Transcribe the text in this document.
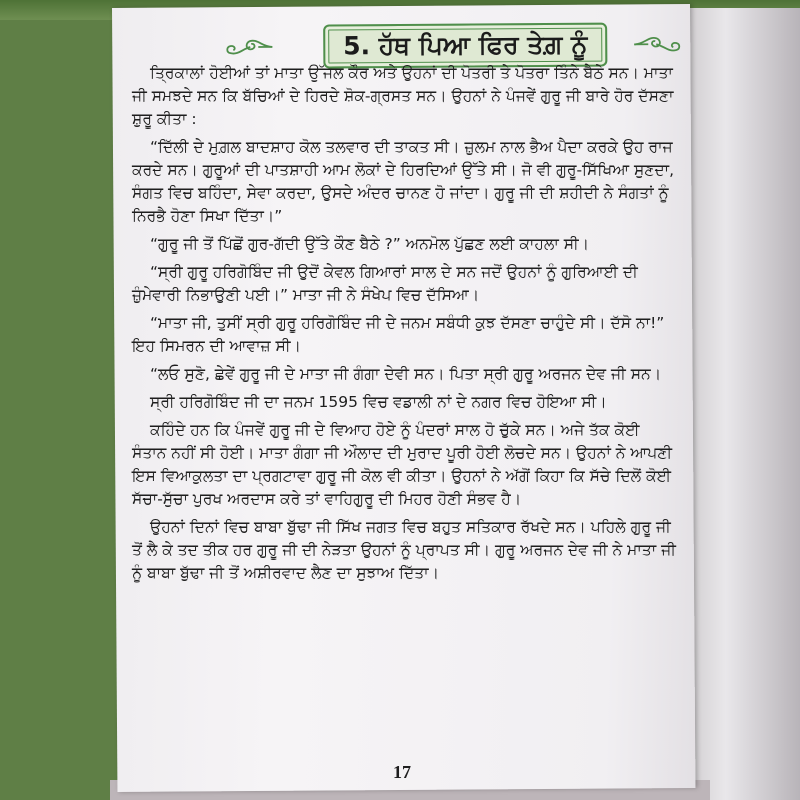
5. ਹੱਥ ਪਿਆ ਫਿਰ ਤੇਗ਼ ਨੂੰ

ਤ੍ਰਿਕਾਲਾਂ ਹੋਈਆਂ ਤਾਂ ਮਾਤਾ ਉੱਜਲ ਕੌਰ ਅਤੇ ਉਹਨਾਂ ਦੀ ਪੋਤਰੀ ਤੇ ਪੋਤਰਾ ਤਿੰਨੇ ਬੈਠੇ ਸਨ। ਮਾਤਾ ਜੀ ਸਮਝਦੇ ਸਨ ਕਿ ਬੱਚਿਆਂ ਦੇ ਹਿਰਦੇ ਸ਼ੋਕ-ਗ੍ਰਸਤ ਸਨ। ਉਹਨਾਂ ਨੇ ਪੰਜਵੇਂ ਗੁਰੂ ਜੀ ਬਾਰੇ ਹੋਰ ਦੱਸਣਾ ਸ਼ੁਰੂ ਕੀਤਾ :

“ਦਿੱਲੀ ਦੇ ਮੁਗ਼ਲ ਬਾਦਸ਼ਾਹ ਕੋਲ ਤਲਵਾਰ ਦੀ ਤਾਕਤ ਸੀ। ਜ਼ੁਲਮ ਨਾਲ ਭੈਅ ਪੈਦਾ ਕਰਕੇ ਉਹ ਰਾਜ ਕਰਦੇ ਸਨ। ਗੁਰੂਆਂ ਦੀ ਪਾਤਸ਼ਾਹੀ ਆਮ ਲੋਕਾਂ ਦੇ ਹਿਰਦਿਆਂ ਉੱਤੇ ਸੀ। ਜੋ ਵੀ ਗੁਰੂ-ਸਿੱਖਿਆ ਸੁਣਦਾ, ਸੰਗਤ ਵਿਚ ਬਹਿੰਦਾ, ਸੇਵਾ ਕਰਦਾ, ਉਸਦੇ ਅੰਦਰ ਚਾਨਣ ਹੋ ਜਾਂਦਾ। ਗੁਰੂ ਜੀ ਦੀ ਸ਼ਹੀਦੀ ਨੇ ਸੰਗਤਾਂ ਨੂੰ ਨਿਰਭੈ ਹੋਣਾ ਸਿਖਾ ਦਿੱਤਾ।”

“ਗੁਰੂ ਜੀ ਤੋਂ ਪਿੱਛੋਂ ਗੁਰ-ਗੱਦੀ ਉੱਤੇ ਕੌਣ ਬੈਠੇ ?” ਅਨਮੋਲ ਪੁੱਛਣ ਲਈ ਕਾਹਲਾ ਸੀ।

“ਸ੍ਰੀ ਗੁਰੂ ਹਰਿਗੋਬਿੰਦ ਜੀ ਉਦੋਂ ਕੇਵਲ ਗਿਆਰਾਂ ਸਾਲ ਦੇ ਸਨ ਜਦੋਂ ਉਹਨਾਂ ਨੂੰ ਗੁਰਿਆਈ ਦੀ ਜ਼ੁੰਮੇਵਾਰੀ ਨਿਭਾਉਣੀ ਪਈ।” ਮਾਤਾ ਜੀ ਨੇ ਸੰਖੇਪ ਵਿਚ ਦੱਸਿਆ।

“ਮਾਤਾ ਜੀ, ਤੁਸੀਂ ਸ੍ਰੀ ਗੁਰੂ ਹਰਿਗੋਬਿੰਦ ਜੀ ਦੇ ਜਨਮ ਸਬੰਧੀ ਕੁਝ ਦੱਸਣਾ ਚਾਹੁੰਦੇ ਸੀ। ਦੱਸੋ ਨਾ!” ਇਹ ਸਿਮਰਨ ਦੀ ਆਵਾਜ਼ ਸੀ।

“ਲਓ ਸੁਣੋ, ਛੇਵੇਂ ਗੁਰੂ ਜੀ ਦੇ ਮਾਤਾ ਜੀ ਗੰਗਾ ਦੇਵੀ ਸਨ। ਪਿਤਾ ਸ੍ਰੀ ਗੁਰੂ ਅਰਜਨ ਦੇਵ ਜੀ ਸਨ।

ਸ੍ਰੀ ਹਰਿਗੋਬਿੰਦ ਜੀ ਦਾ ਜਨਮ 1595 ਵਿਚ ਵਡਾਲੀ ਨਾਂ ਦੇ ਨਗਰ ਵਿਚ ਹੋਇਆ ਸੀ।

ਕਹਿੰਦੇ ਹਨ ਕਿ ਪੰਜਵੇਂ ਗੁਰੂ ਜੀ ਦੇ ਵਿਆਹ ਹੋਏ ਨੂੰ ਪੰਦਰਾਂ ਸਾਲ ਹੋ ਚੁੱਕੇ ਸਨ। ਅਜੇ ਤੱਕ ਕੋਈ ਸੰਤਾਨ ਨਹੀਂ ਸੀ ਹੋਈ। ਮਾਤਾ ਗੰਗਾ ਜੀ ਔਲਾਦ ਦੀ ਮੁਰਾਦ ਪੂਰੀ ਹੋਈ ਲੋਚਦੇ ਸਨ। ਉਹਨਾਂ ਨੇ ਆਪਣੀ ਇਸ ਵਿਆਕੁਲਤਾ ਦਾ ਪ੍ਰਗਟਾਵਾ ਗੁਰੂ ਜੀ ਕੋਲ ਵੀ ਕੀਤਾ। ਉਹਨਾਂ ਨੇ ਅੱਗੋਂ ਕਿਹਾ ਕਿ ਸੱਚੇ ਦਿਲੋਂ ਕੋਈ ਸੱਚਾ-ਸੁੱਚਾ ਪੁਰਖ ਅਰਦਾਸ ਕਰੇ ਤਾਂ ਵਾਹਿਗੁਰੂ ਦੀ ਮਿਹਰ ਹੋਣੀ ਸੰਭਵ ਹੈ।

ਉਹਨਾਂ ਦਿਨਾਂ ਵਿਚ ਬਾਬਾ ਬੁੱਢਾ ਜੀ ਸਿੱਖ ਜਗਤ ਵਿਚ ਬਹੁਤ ਸਤਿਕਾਰ ਰੱਖਦੇ ਸਨ। ਪਹਿਲੇ ਗੁਰੂ ਜੀ ਤੋਂ ਲੈ ਕੇ ਤਦ ਤੀਕ ਹਰ ਗੁਰੂ ਜੀ ਦੀ ਨੇੜਤਾ ਉਹਨਾਂ ਨੂੰ ਪ੍ਰਾਪਤ ਸੀ। ਗੁਰੂ ਅਰਜਨ ਦੇਵ ਜੀ ਨੇ ਮਾਤਾ ਜੀ ਨੂੰ ਬਾਬਾ ਬੁੱਢਾ ਜੀ ਤੋਂ ਅਸ਼ੀਰਵਾਦ ਲੈਣ ਦਾ ਸੁਝਾਅ ਦਿੱਤਾ।

17
